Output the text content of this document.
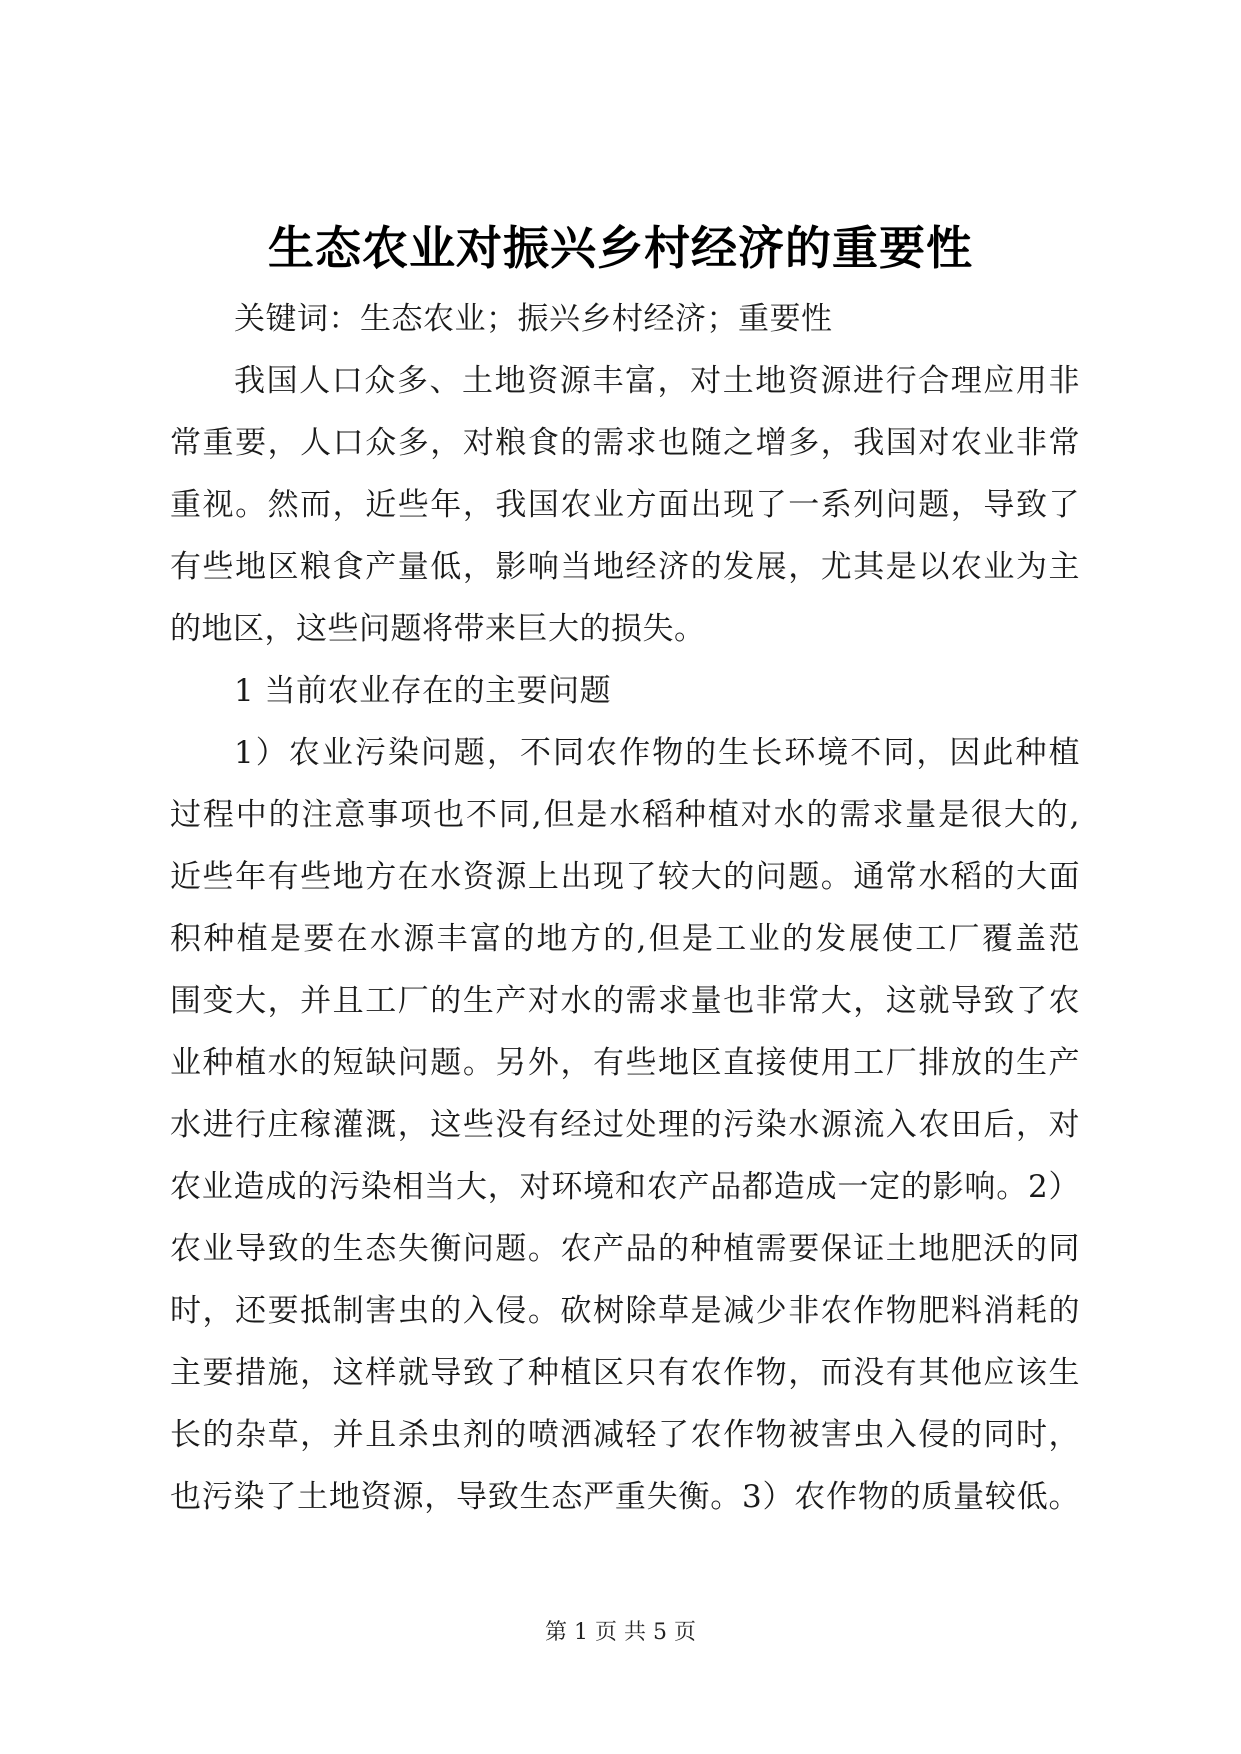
生态农业对振兴乡村经济的重要性
关键词：生态农业；振兴乡村经济；重要性
我国人口众多、土地资源丰富，对土地资源进行合理应用非
常重要，人口众多，对粮食的需求也随之增多，我国对农业非常
重视。然而，近些年，我国农业方面出现了一系列问题，导致了
有些地区粮食产量低，影响当地经济的发展，尤其是以农业为主
的地区，这些问题将带来巨大的损失。
1 当前农业存在的主要问题
1）农业污染问题，不同农作物的生长环境不同，因此种植
过程中的注意事项也不同,但是水稻种植对水的需求量是很大的,
近些年有些地方在水资源上出现了较大的问题。通常水稻的大面
积种植是要在水源丰富的地方的,但是工业的发展使工厂覆盖范
围变大，并且工厂的生产对水的需求量也非常大，这就导致了农
业种植水的短缺问题。另外，有些地区直接使用工厂排放的生产
水进行庄稼灌溉，这些没有经过处理的污染水源流入农田后，对
农业造成的污染相当大，对环境和农产品都造成一定的影响。2）
农业导致的生态失衡问题。农产品的种植需要保证土地肥沃的同
时，还要抵制害虫的入侵。砍树除草是减少非农作物肥料消耗的
主要措施，这样就导致了种植区只有农作物，而没有其他应该生
长的杂草，并且杀虫剂的喷洒减轻了农作物被害虫入侵的同时，
也污染了土地资源，导致生态严重失衡。3）农作物的质量较低。
第 1 页 共 5 页
